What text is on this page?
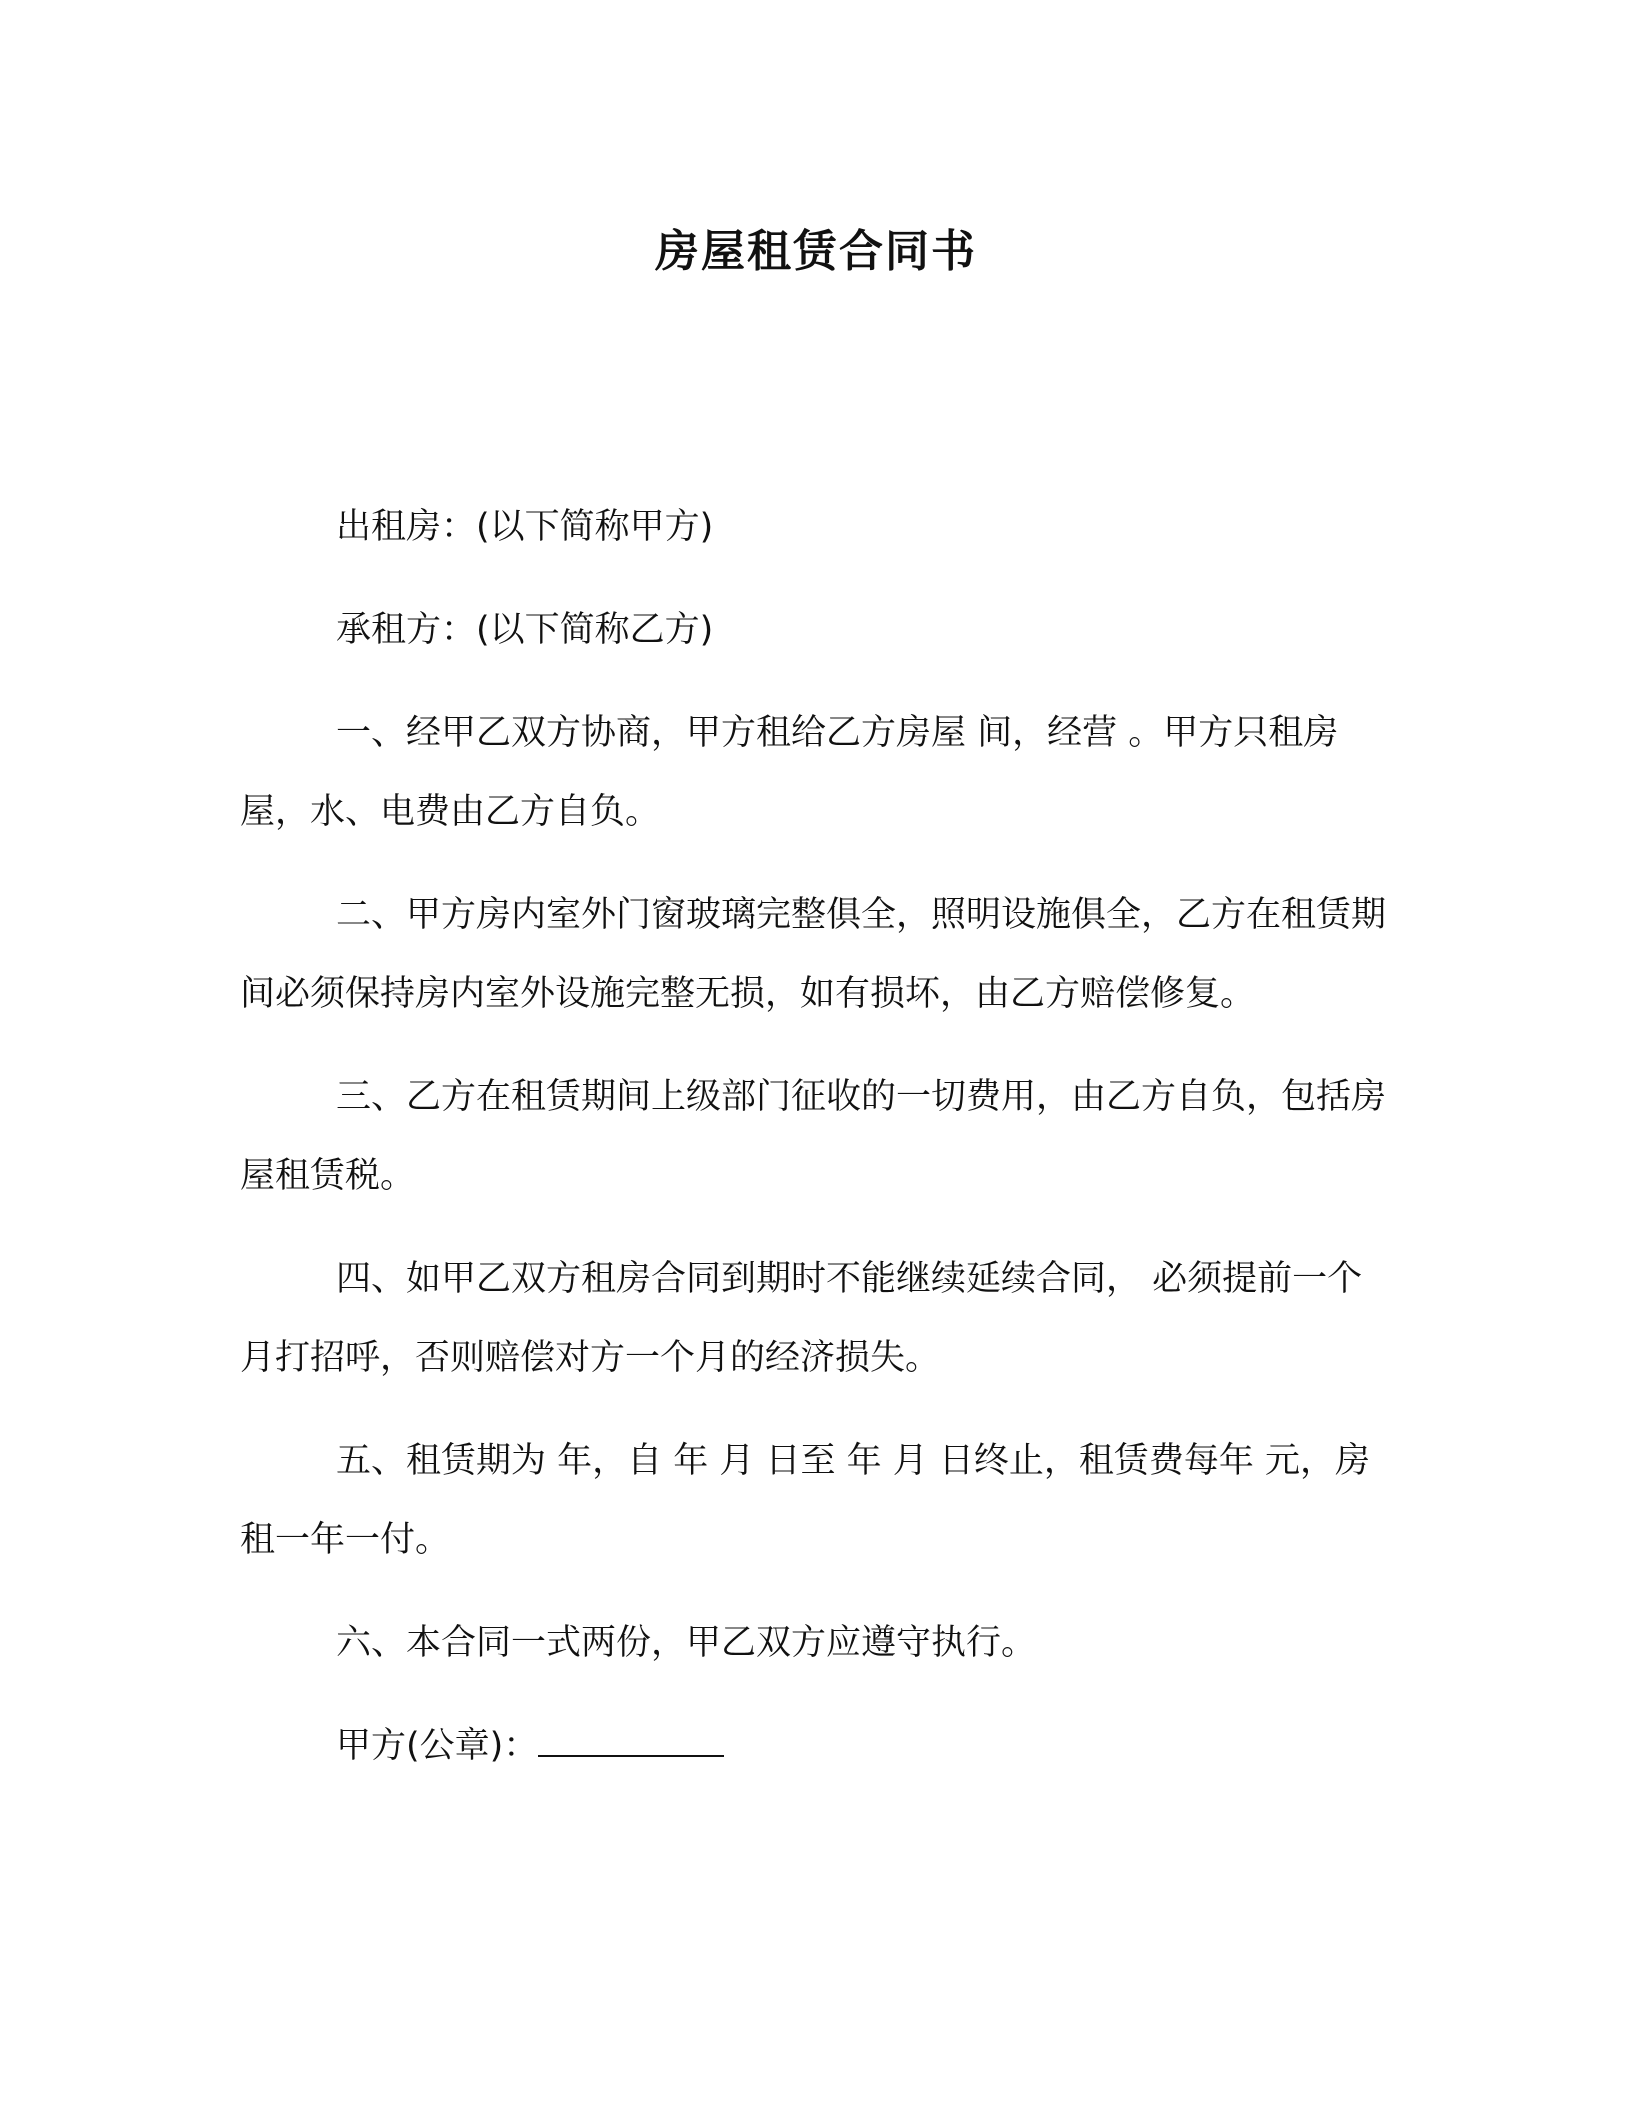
房屋租赁合同书

出租房：(以下简称甲方)

承租方：(以下简称乙方)

一、经甲乙双方协商，甲方租给乙方房屋 间，经营 。甲方只租房屋，水、电费由乙方自负。

二、甲方房内室外门窗玻璃完整俱全，照明设施俱全，乙方在租赁期间必须保持房内室外设施完整无损，如有损坏，由乙方赔偿修复。

三、乙方在租赁期间上级部门征收的一切费用，由乙方自负，包括房屋租赁税。

四、如甲乙双方租房合同到期时不能继续延续合同， 必须提前一个月打招呼，否则赔偿对方一个月的经济损失。

五、租赁期为 年，自 年 月 日至 年 月 日终止，租赁费每年 元，房租一年一付。

六、本合同一式两份，甲乙双方应遵守执行。

甲方(公章)：
